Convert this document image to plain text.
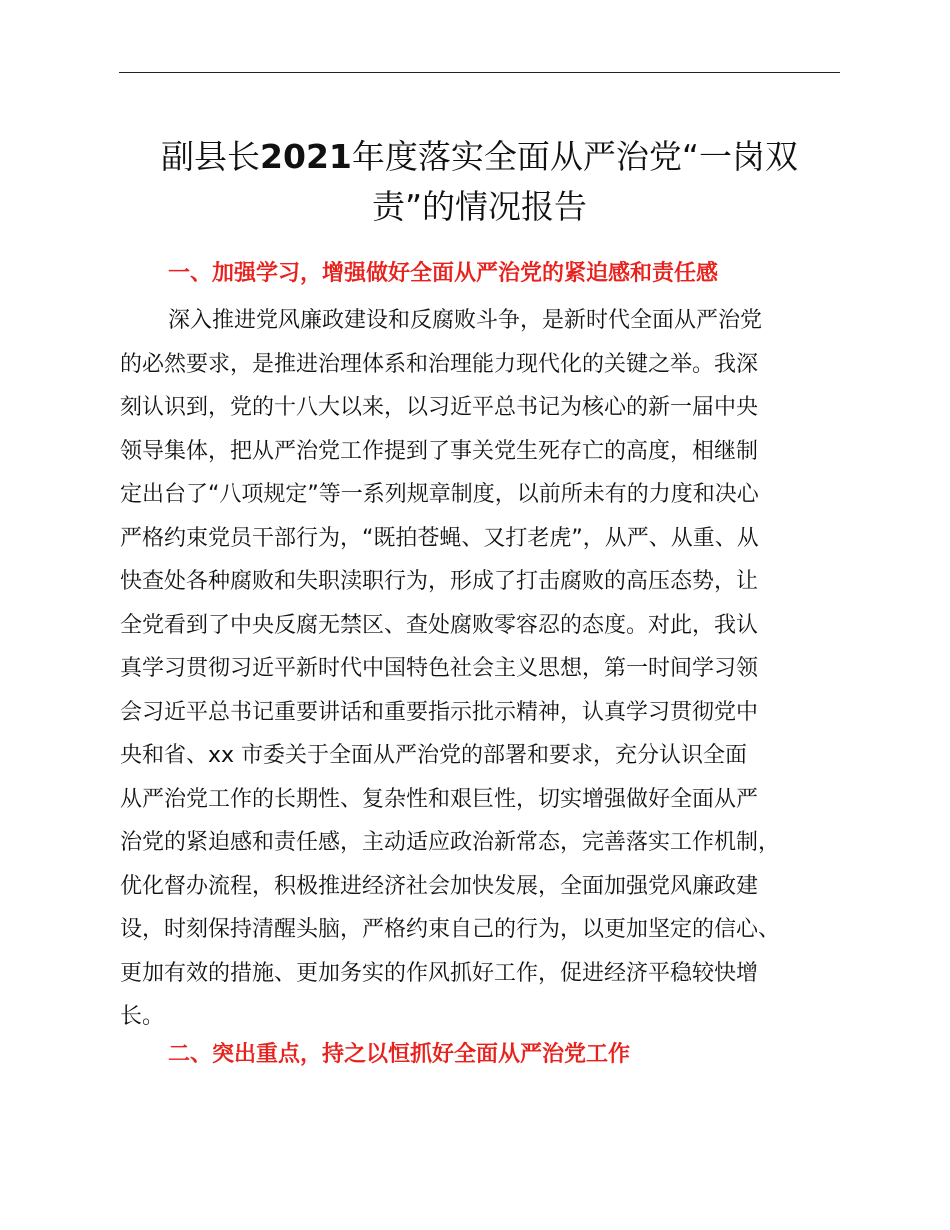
副县长2021年度落实全面从严治党“一岗双
责”的情况报告
一、加强学习，增强做好全面从严治党的紧迫感和责任感
深入推进党风廉政建设和反腐败斗争，是新时代全面从严治党
的必然要求，是推进治理体系和治理能力现代化的关键之举。我深
刻认识到，党的十八大以来，以习近平总书记为核心的新一届中央
领导集体，把从严治党工作提到了事关党生死存亡的高度，相继制
定出台了“八项规定”等一系列规章制度，以前所未有的力度和决心
严格约束党员干部行为，“既拍苍蝇、又打老虎”，从严、从重、从
快查处各种腐败和失职渎职行为，形成了打击腐败的高压态势，让
全党看到了中央反腐无禁区、查处腐败零容忍的态度。对此，我认
真学习贯彻习近平新时代中国特色社会主义思想，第一时间学习领
会习近平总书记重要讲话和重要指示批示精神，认真学习贯彻党中
央和省、xx 市委关于全面从严治党的部署和要求，充分认识全面
从严治党工作的长期性、复杂性和艰巨性，切实增强做好全面从严
治党的紧迫感和责任感，主动适应政治新常态，完善落实工作机制，
优化督办流程，积极推进经济社会加快发展，全面加强党风廉政建
设，时刻保持清醒头脑，严格约束自己的行为，以更加坚定的信心、
更加有效的措施、更加务实的作风抓好工作，促进经济平稳较快增
长。
二、突出重点，持之以恒抓好全面从严治党工作
